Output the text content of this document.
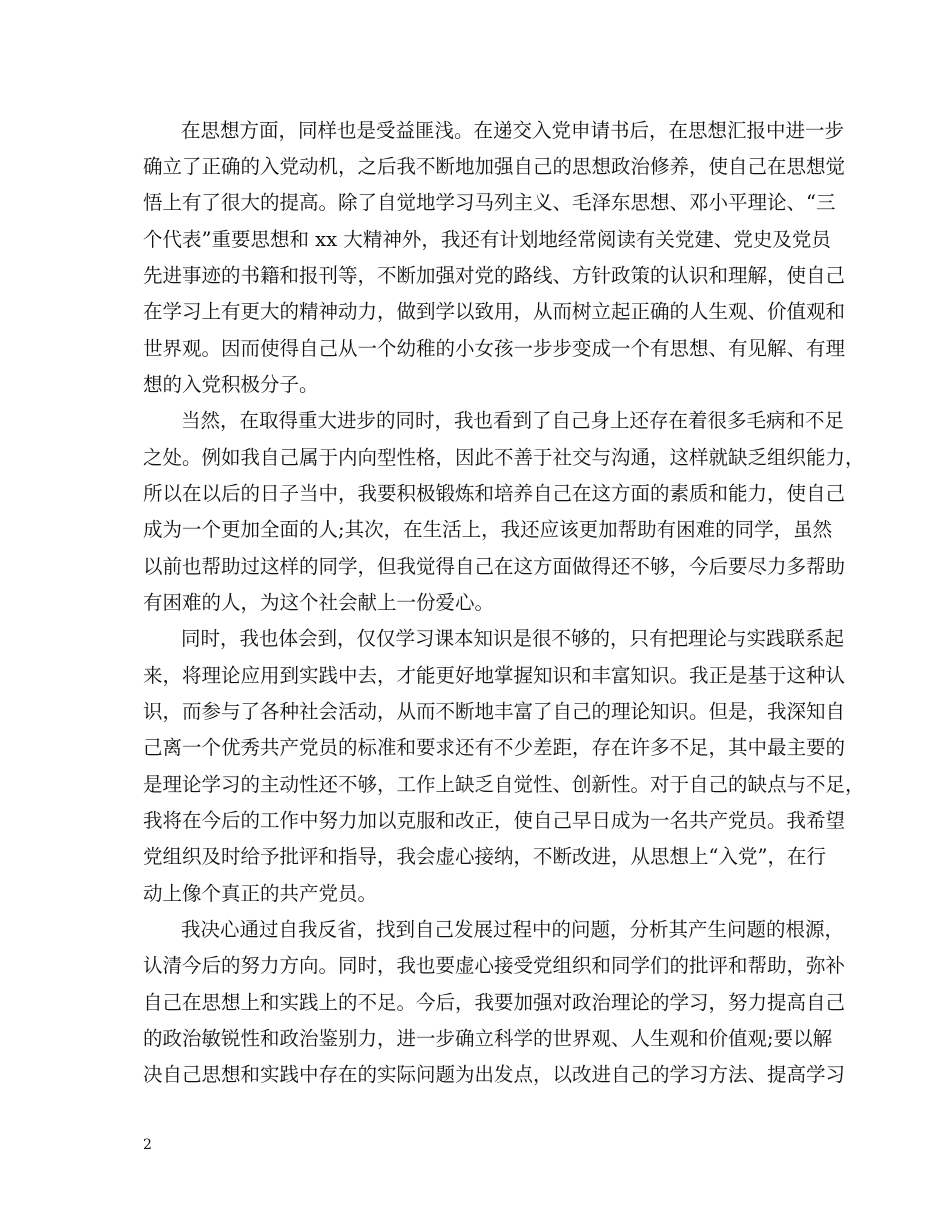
在思想方面，同样也是受益匪浅。在递交入党申请书后，在思想汇报中进一步
确立了正确的入党动机，之后我不断地加强自己的思想政治修养，使自己在思想觉
悟上有了很大的提高。除了自觉地学习马列主义、毛泽东思想、邓小平理论、“三
个代表”重要思想和 xx 大精神外，我还有计划地经常阅读有关党建、党史及党员
先进事迹的书籍和报刊等，不断加强对党的路线、方针政策的认识和理解，使自己
在学习上有更大的精神动力，做到学以致用，从而树立起正确的人生观、价值观和
世界观。因而使得自己从一个幼稚的小女孩一步步变成一个有思想、有见解、有理
想的入党积极分子。
当然，在取得重大进步的同时，我也看到了自己身上还存在着很多毛病和不足
之处。例如我自己属于内向型性格，因此不善于社交与沟通，这样就缺乏组织能力，
所以在以后的日子当中，我要积极锻炼和培养自己在这方面的素质和能力，使自己
成为一个更加全面的人;其次，在生活上，我还应该更加帮助有困难的同学，虽然
以前也帮助过这样的同学，但我觉得自己在这方面做得还不够，今后要尽力多帮助
有困难的人，为这个社会献上一份爱心。
同时，我也体会到，仅仅学习课本知识是很不够的，只有把理论与实践联系起
来，将理论应用到实践中去，才能更好地掌握知识和丰富知识。我正是基于这种认
识，而参与了各种社会活动，从而不断地丰富了自己的理论知识。但是，我深知自
己离一个优秀共产党员的标准和要求还有不少差距，存在许多不足，其中最主要的
是理论学习的主动性还不够，工作上缺乏自觉性、创新性。对于自己的缺点与不足，
我将在今后的工作中努力加以克服和改正，使自己早日成为一名共产党员。我希望
党组织及时给予批评和指导，我会虚心接纳，不断改进，从思想上“入党”，在行
动上像个真正的共产党员。
我决心通过自我反省，找到自己发展过程中的问题，分析其产生问题的根源，
认清今后的努力方向。同时，我也要虚心接受党组织和同学们的批评和帮助，弥补
自己在思想上和实践上的不足。今后，我要加强对政治理论的学习，努力提高自己
的政治敏锐性和政治鉴别力，进一步确立科学的世界观、人生观和价值观;要以解
决自己思想和实践中存在的实际问题为出发点，以改进自己的学习方法、提高学习
2
